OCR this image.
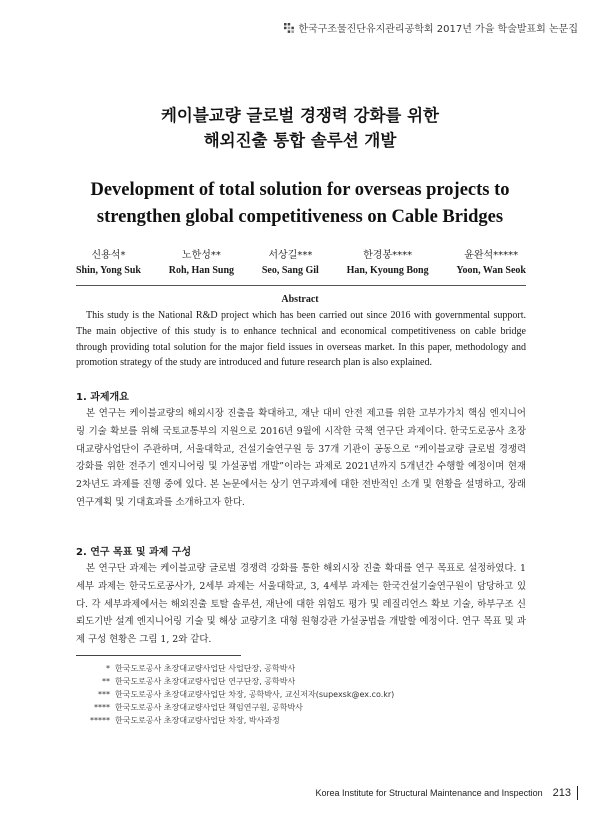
한국구조물진단유지관리공학회 2017년 가을 학술발표회 논문집
케이블교량 글로벌 경쟁력 강화를 위한
해외진출 통합 솔루션 개발
Development of total solution for overseas projects to
strengthen global competitiveness on Cable Bridges
신용석*
Shin, Yong Suk
노한성**
Roh, Han Sung
서상길***
Seo, Sang Gil
한경봉****
Han, Kyoung Bong
윤완석*****
Yoon, Wan Seok
Abstract

This study is the National R&D project which has been carried out since 2016 with governmental support. The main objective of this study is to enhance technical and economical competitiveness on cable bridge through providing total solution for the major field issues in overseas market. In this paper, methodology and promotion strategy of the study are introduced and future research plan is also explained.

1. 과제개요

본 연구는 케이블교량의 해외시장 진출을 확대하고, 재난 대비 안전 제고를 위한 고부가가치 핵심 엔지니어링 기술 확보를 위해 국토교통부의 지원으로 2016년 9월에 시작한 국책 연구단 과제이다. 한국도로공사 초장대교량사업단이 주관하며, 서울대학교, 건설기술연구원 등 37개 기관이 공동으로 “케이블교량 글로벌 경쟁력 강화를 위한 전주기 엔지니어링 및 가설공법 개발”이라는 과제로 2021년까지 5개년간 수행할 예정이며 현재 2차년도 과제를 진행 중에 있다. 본 논문에서는 상기 연구과제에 대한 전반적인 소개 및 현황을 설명하고, 장래 연구계획 및 기대효과를 소개하고자 한다.

2. 연구 목표 및 과제 구성

본 연구단 과제는 케이블교량 글로벌 경쟁력 강화를 통한 해외시장 진출 확대를 연구 목표로 설정하였다. 1세부 과제는 한국도로공사가, 2세부 과제는 서울대학교, 3, 4세부 과제는 한국건설기술연구원이 담당하고 있다. 각 세부과제에서는 해외진출 토탈 솔루션, 재난에 대한 위험도 평가 및 레질리언스 확보 기술, 하부구조 신뢰도기반 설계 엔지니어링 기술 및 해상 교량기초 대형 원형강관 가설공법을 개발할 예정이다. 연구 목표 및 과제 구성 현황은 그림 1, 2와 같다.

* 한국도로공사 초장대교량사업단 사업단장, 공학박사
** 한국도로공사 초장대교량사업단 연구단장, 공학박사
*** 한국도로공사 초장대교량사업단 차장, 공학박사, 교신저자(supexsk@ex.co.kr)
**** 한국도로공사 초장대교량사업단 책임연구원, 공학박사
***** 한국도로공사 초장대교량사업단 차장, 박사과정
Korea Institute for Structural Maintenance and Inspection 213
